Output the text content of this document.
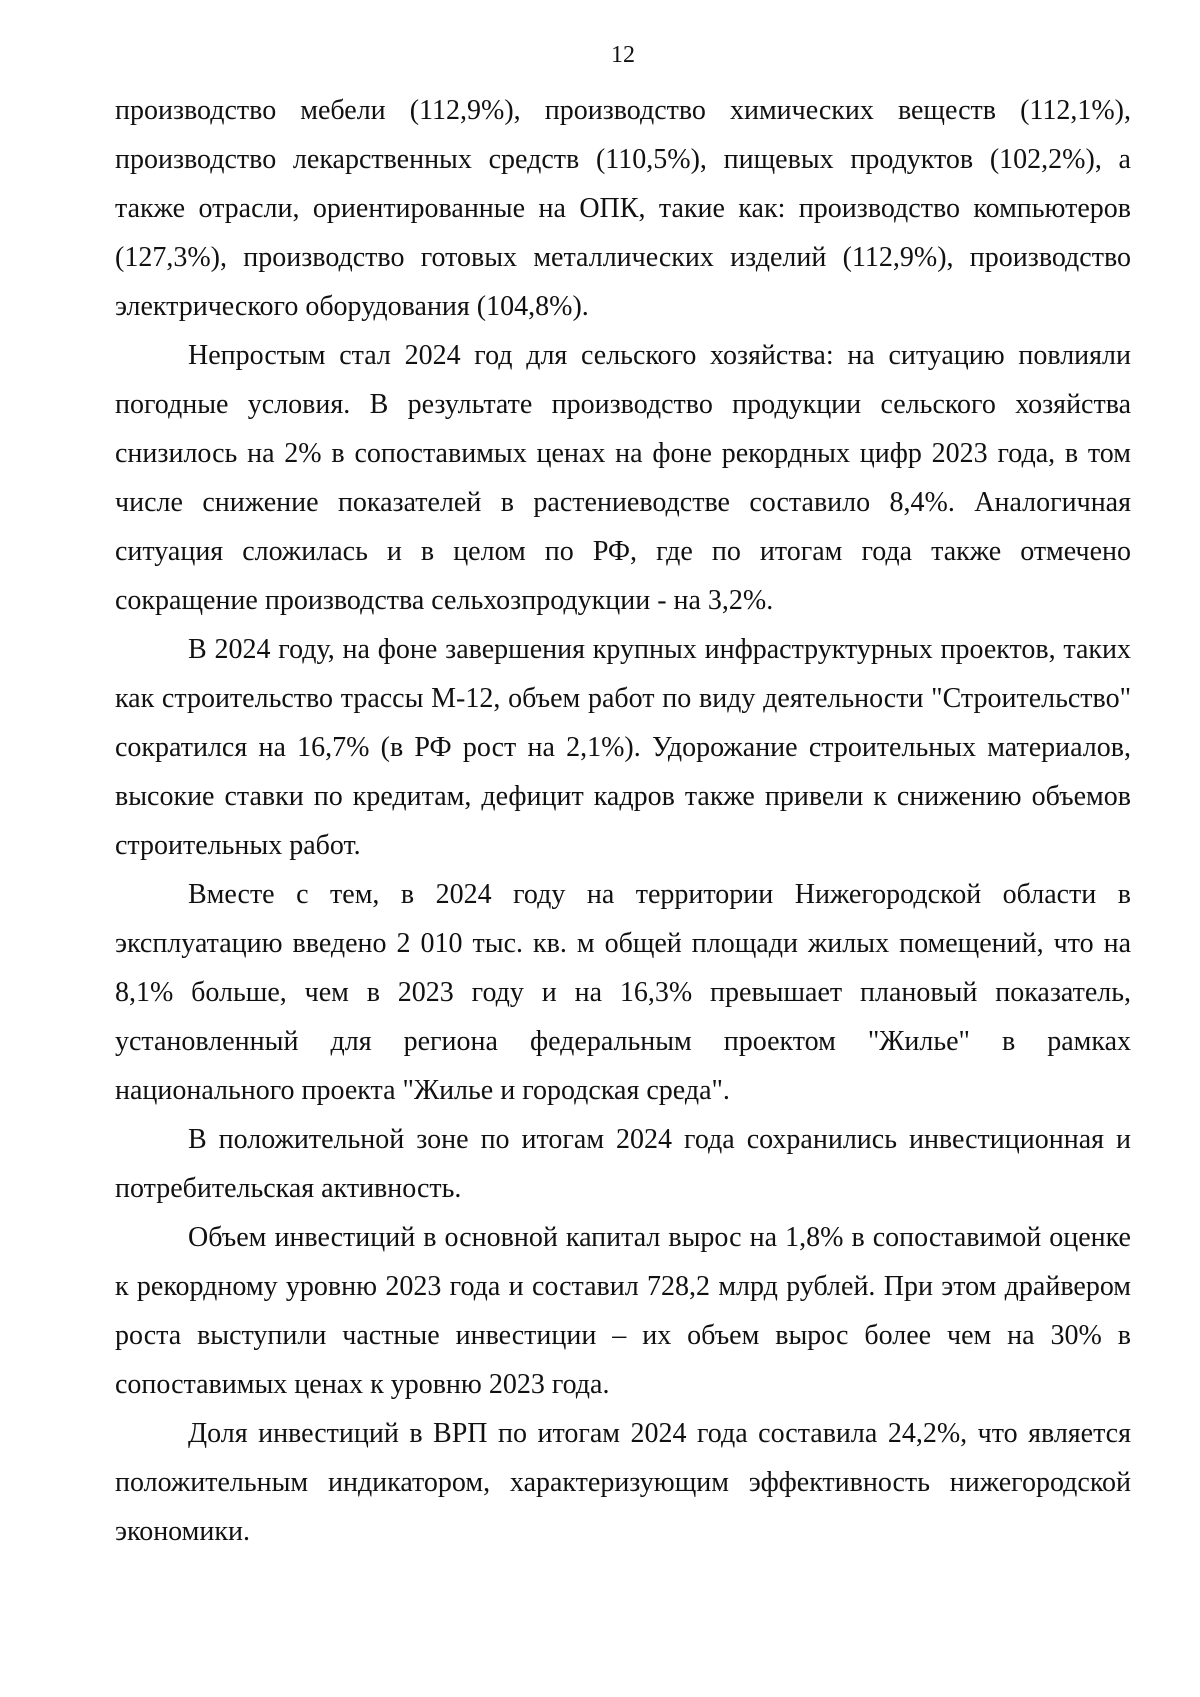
12

производство мебели (112,9%), производство химических веществ (112,1%), производство лекарственных средств (110,5%), пищевых продуктов (102,2%), а также отрасли, ориентированные на ОПК, такие как: производство компьютеров (127,3%), производство готовых металлических изделий (112,9%), производство электрического оборудования (104,8%).

Непростым стал 2024 год для сельского хозяйства: на ситуацию повлияли погодные условия. В результате производство продукции сельского хозяйства снизилось на 2% в сопоставимых ценах на фоне рекордных цифр 2023 года, в том числе снижение показателей в растениеводстве составило 8,4%. Аналогичная ситуация сложилась и в целом по РФ, где по итогам года также отмечено сокращение производства сельхозпродукции - на 3,2%.

В 2024 году, на фоне завершения крупных инфраструктурных проектов, таких как строительство трассы М-12, объем работ по виду деятельности "Строительство" сократился на 16,7% (в РФ рост на 2,1%). Удорожание строительных материалов, высокие ставки по кредитам, дефицит кадров также привели к снижению объемов строительных работ.

Вместе с тем, в 2024 году на территории Нижегородской области в эксплуатацию введено 2 010 тыс. кв. м общей площади жилых помещений, что на 8,1% больше, чем в 2023 году и на 16,3% превышает плановый показатель, установленный для региона федеральным проектом "Жилье" в рамках национального проекта "Жилье и городская среда".

В положительной зоне по итогам 2024 года сохранились инвестиционная и потребительская активность.

Объем инвестиций в основной капитал вырос на 1,8% в сопоставимой оценке к рекордному уровню 2023 года и составил 728,2 млрд рублей. При этом драйвером роста выступили частные инвестиции – их объем вырос более чем на 30% в сопоставимых ценах к уровню 2023 года.

Доля инвестиций в ВРП по итогам 2024 года составила 24,2%, что является положительным индикатором, характеризующим эффективность нижегородской экономики.
